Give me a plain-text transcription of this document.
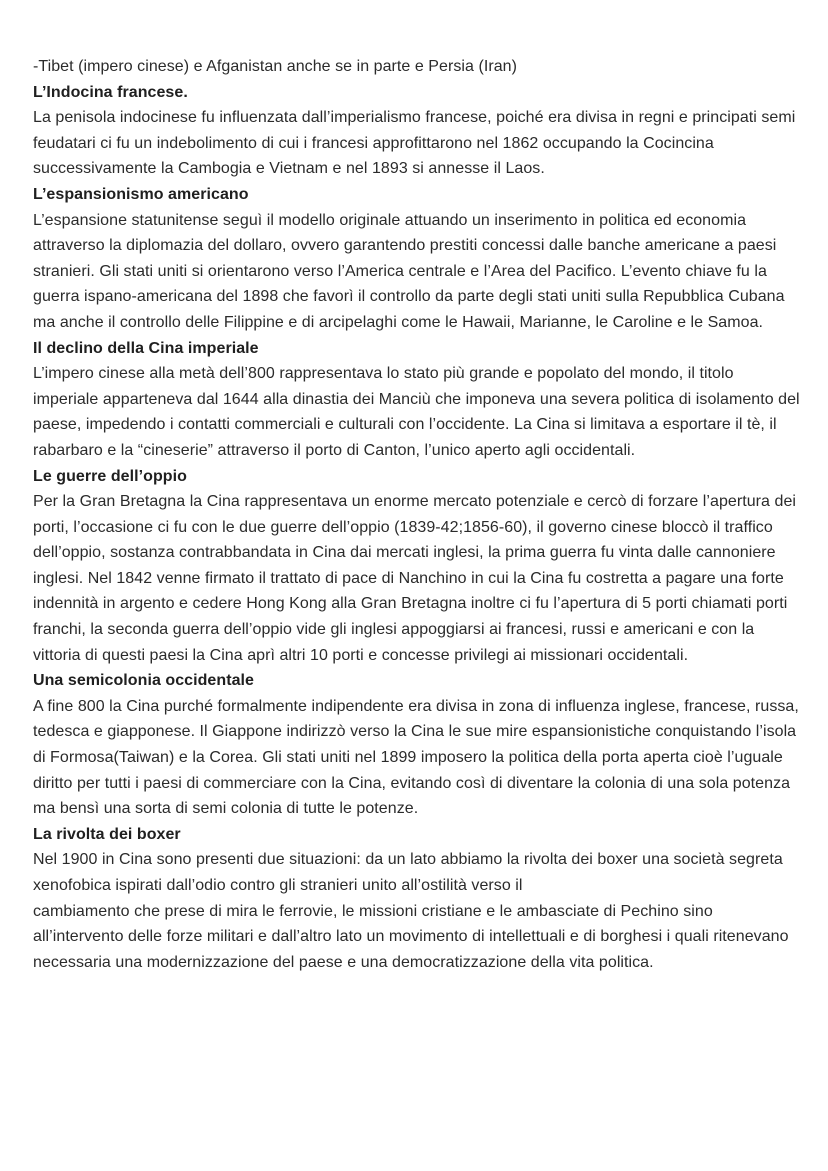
-Tibet (impero cinese) e Afganistan anche se in parte e Persia (Iran)

L’Indocina francese.

La penisola indocinese fu influenzata dall’imperialismo francese, poiché era divisa in regni e principati semi feudatari ci fu un indebolimento di cui i francesi approfittarono nel 1862 occupando la Cocincina successivamente la Cambogia e Vietnam e nel 1893 si annesse il Laos.

L’espansionismo americano

L’espansione statunitense seguì il modello originale attuando un inserimento in politica ed economia attraverso la diplomazia del dollaro, ovvero garantendo prestiti concessi dalle banche americane a paesi stranieri. Gli stati uniti si orientarono verso l’America centrale e l’Area del Pacifico. L’evento chiave fu la guerra ispano-americana del 1898 che favorì il controllo da parte degli stati uniti sulla Repubblica Cubana ma anche il controllo delle Filippine e di arcipelaghi come le Hawaii, Marianne, le Caroline e le Samoa.

Il declino della Cina imperiale

L’impero cinese alla metà dell’800 rappresentava lo stato più grande e popolato del mondo, il titolo imperiale apparteneva dal 1644 alla dinastia dei Manciù che imponeva una severa politica di isolamento del paese, impedendo i contatti commerciali e culturali con l’occidente. La Cina si limitava a esportare il tè, il rabarbaro e la “cineserie” attraverso il porto di Canton, l’unico aperto agli occidentali.

Le guerre dell’oppio

Per la Gran Bretagna la Cina rappresentava un enorme mercato potenziale e cercò di forzare l’apertura dei porti, l’occasione ci fu con le due guerre dell’oppio (1839-42;1856-60), il governo cinese bloccò il traffico dell’oppio, sostanza contrabbandata in Cina dai mercati inglesi, la prima guerra fu vinta dalle cannoniere inglesi. Nel 1842 venne firmato il trattato di pace di Nanchino in cui la Cina fu costretta a pagare una forte indennità in argento e cedere Hong Kong alla Gran Bretagna inoltre ci fu l’apertura di 5 porti chiamati porti franchi, la seconda guerra dell’oppio vide gli inglesi appoggiarsi ai francesi, russi e americani e con la vittoria di questi paesi la Cina aprì altri 10 porti e concesse privilegi ai missionari occidentali.

Una semicolonia occidentale

A fine 800 la Cina purché formalmente indipendente era divisa in zona di influenza inglese, francese, russa, tedesca e giapponese. Il Giappone indirizzò verso la Cina le sue mire espansionistiche conquistando l’isola di Formosa(Taiwan) e la Corea. Gli stati uniti nel 1899 imposero la politica della porta aperta cioè l’uguale diritto per tutti i paesi di commerciare con la Cina, evitando così di diventare la colonia di una sola potenza ma bensì una sorta di semi colonia di tutte le potenze.

La rivolta dei boxer

Nel 1900 in Cina sono presenti due situazioni: da un lato abbiamo la rivolta dei boxer una società segreta xenofobica ispirati dall’odio contro gli stranieri unito all’ostilità verso il
cambiamento che prese di mira le ferrovie, le missioni cristiane e le ambasciate di Pechino sino all’intervento delle forze militari e dall’altro lato un movimento di intellettuali e di borghesi i quali ritenevano necessaria una modernizzazione del paese e una democratizzazione della vita politica.
